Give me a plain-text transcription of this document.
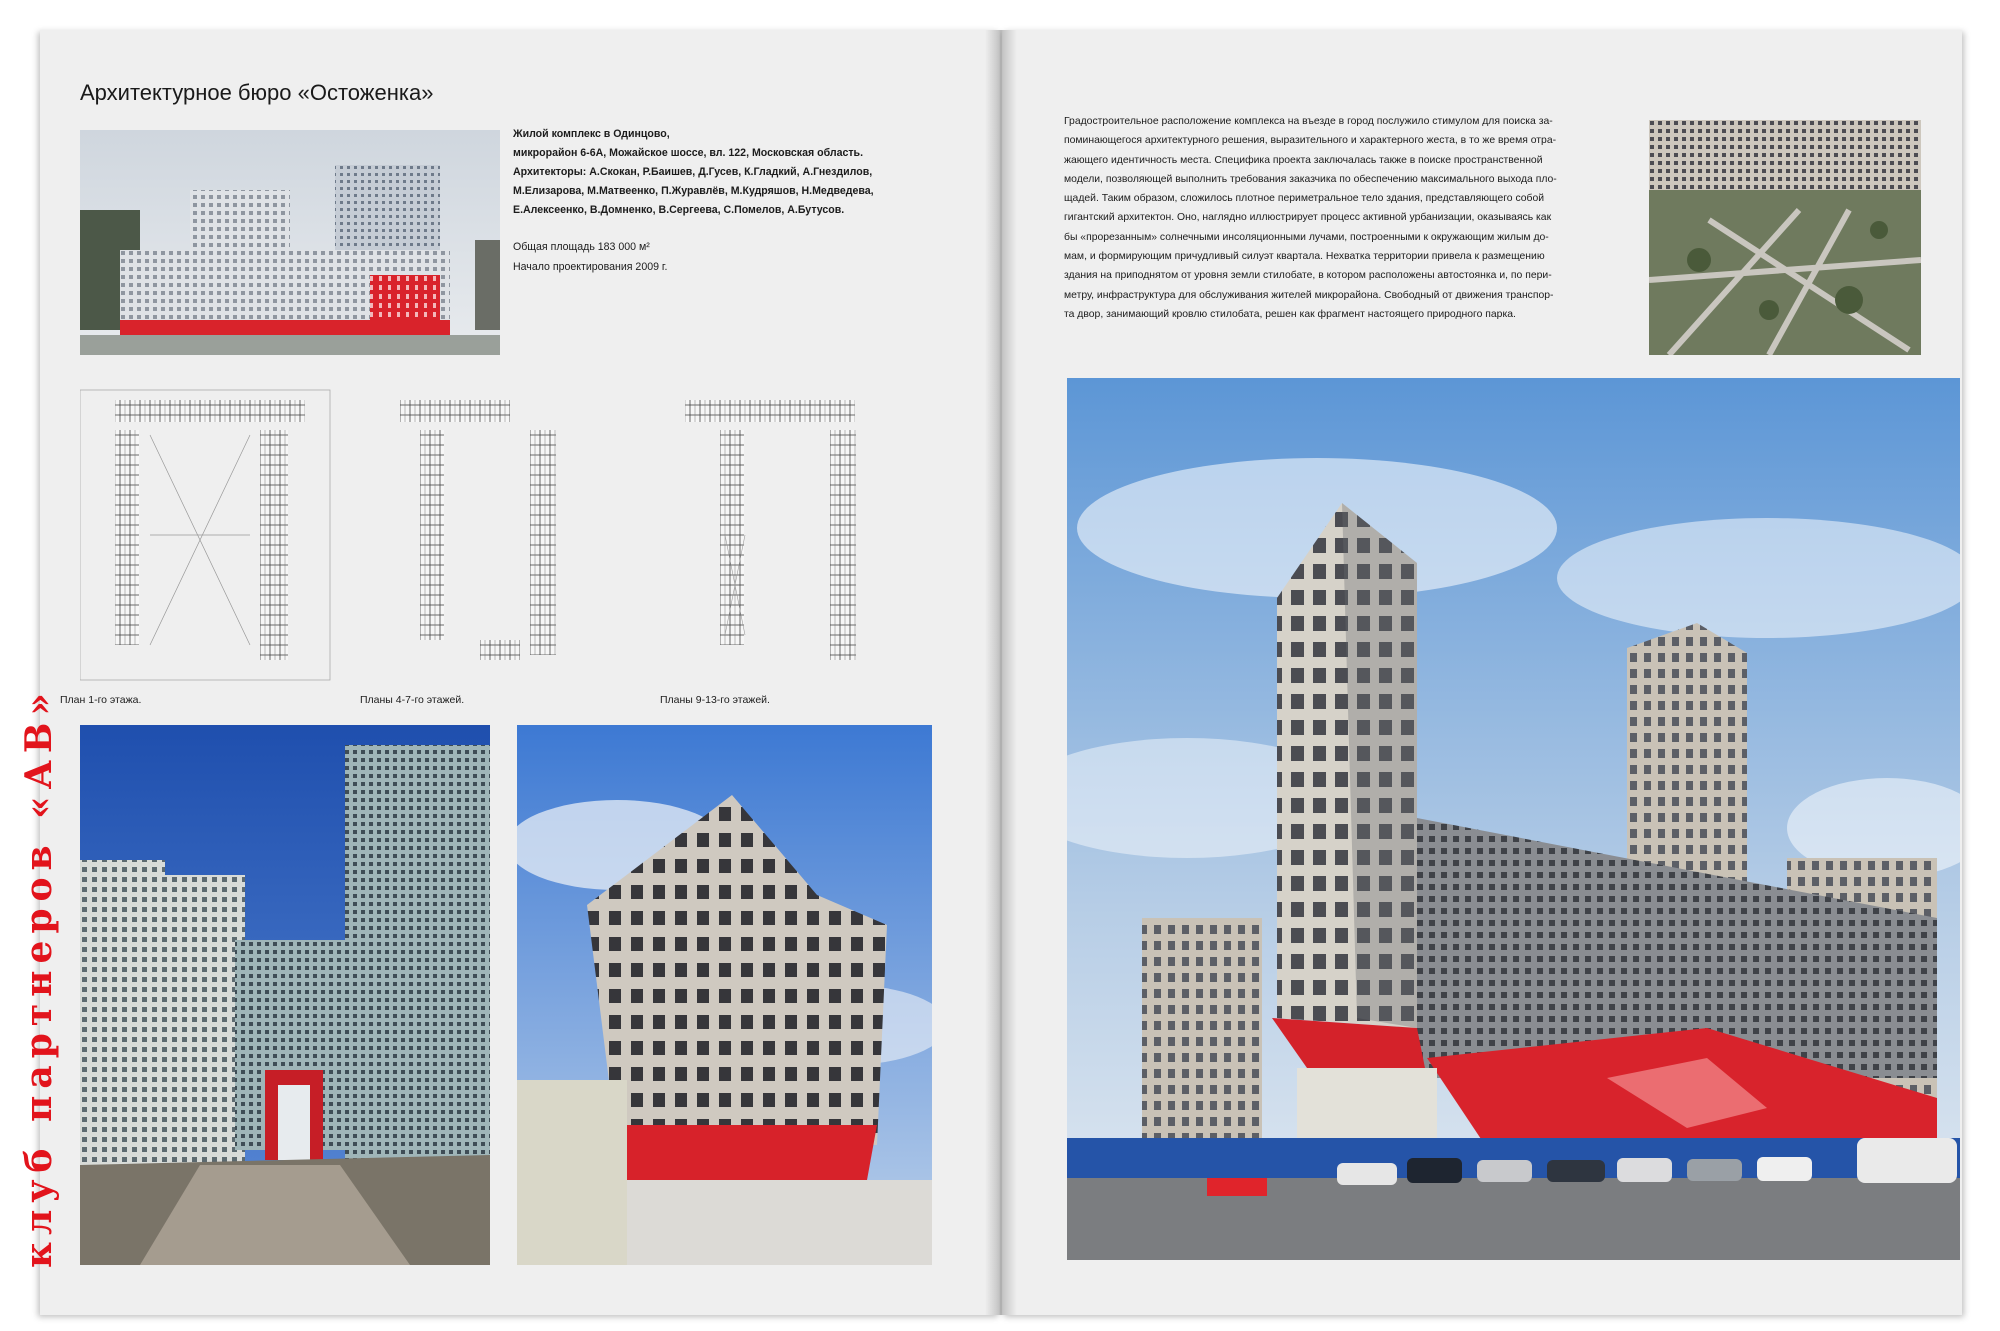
Архитектурное бюро «Остоженка»
Жилой комплекс в Одинцово,
микрорайон 6-6А, Можайское шоссе, вл. 122, Московская область.
Архитекторы: А.Скокан, Р.Баишев, Д.Гусев, К.Гладкий, А.Гнездилов,
М.Елизарова, М.Матвеенко, П.Журавлёв, М.Кудряшов, Н.Медведева,
Е.Алексеенко, В.Домненко, В.Сергеева, С.Помелов, А.Бутусов.
Общая площадь 183 000 м²
Начало проектирования 2009 г.
План 1-го этажа.	Планы 4-7-го этажей.	Планы 9-13-го этажей.
клуб партнеров «АВ»
Градостроительное расположение комплекса на въезде в город послужило стимулом для поиска за-
поминающегося архитектурного решения, выразительного и характерного жеста, в то же время отра-
жающего идентичность места. Специфика проекта заключалась также в поиске пространственной
модели, позволяющей выполнить требования заказчика по обеспечению максимального выхода пло-
щадей. Таким образом, сложилось плотное периметральное тело здания, представляющего собой
гигантский архитектон. Оно, наглядно иллюстрирует процесс активной урбанизации, оказываясь как
бы «прорезанным» солнечными инсоляционными лучами, построенными к окружающим жилым до-
мам, и формирующим причудливый силуэт квартала. Нехватка территории привела к размещению
здания на приподнятом от уровня земли стилобате, в котором расположены автостоянка и, по пери-
метру, инфраструктура для обслуживания жителей микрорайона. Свободный от движения транспор-
та двор, занимающий кровлю стилобата, решен как фрагмент настоящего природного парка.
